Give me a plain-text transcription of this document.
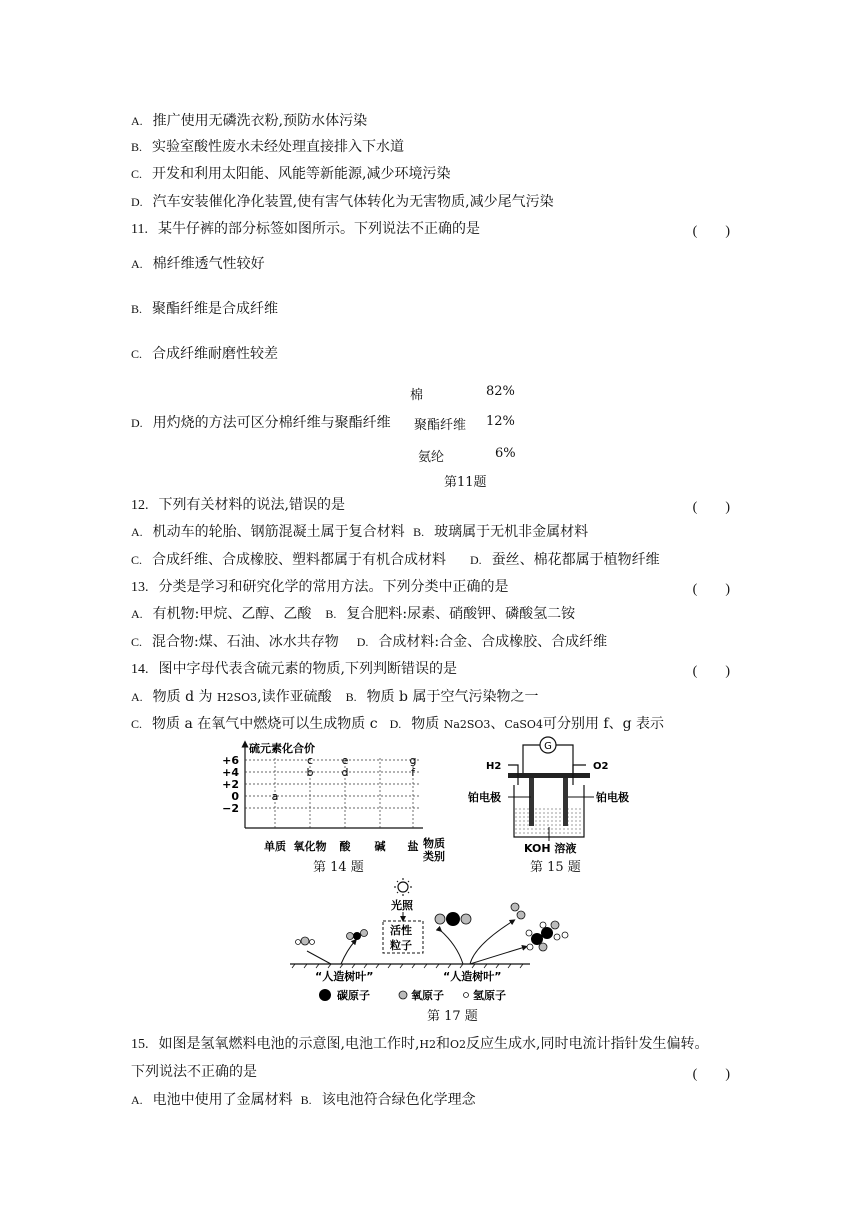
A. 推广使用无磷洗衣粉,预防水体污染
B. 实验室酸性废水未经处理直接排入下水道
C. 开发和利用太阳能、风能等新能源,减少环境污染
D. 汽车安装催化净化装置,使有害气体转化为无害物质,减少尾气污染
11. 某牛仔裤的部分标签如图所示。下列说法不正确的是	(　　)
A. 棉纤维透气性较好
B. 聚酯纤维是合成纤维
C. 合成纤维耐磨性较差
D. 用灼烧的方法可区分棉纤维与聚酯纤维
棉	82%
聚酯纤维 12%
氨纶	6%
第11题
12. 下列有关材料的说法,错误的是	(　　)
A. 机动车的轮胎、钢筋混凝土属于复合材料 B. 玻璃属于无机非金属材料
C. 合成纤维、合成橡胶、塑料都属于有机合成材料 D. 蚕丝、棉花都属于植物纤维
13. 分类是学习和研究化学的常用方法。下列分类中正确的是	(　　)
A. 有机物:甲烷、乙醇、乙酸 B. 复合肥料:尿素、硝酸钾、磷酸氢二铵
C. 混合物:煤、石油、冰水共存物 D. 合成材料:合金、合成橡胶、合成纤维
14. 图中字母代表含硫元素的物质,下列判断错误的是	(　　)
A. 物质 d 为 H2SO3,读作亚硫酸 B. 物质 b 属于空气污染物之一
C. 物质 a 在氧气中燃烧可以生成物质 c D. 物质 Na2SO3、CaSO4可分别用 f、g 表示
硫元素化合价
+6
+4
+2
0
−2
单质 氧化物 酸 碱 盐
a
b
c
d
e
f
g
物质
类别
第 14 题
G
H2	O2
铂电极	铂电极
KOH 溶液
第 15 题
光照
活性
粒子
“人造树叶”	“人造树叶”
碳原子	氧原子	氢原子
第 17 题
15. 如图是氢氧燃料电池的示意图,电池工作时,H2和O2反应生成水,同时电流计指针发生偏转。
下列说法不正确的是	(　　)
A. 电池中使用了金属材料 B. 该电池符合绿色化学理念
